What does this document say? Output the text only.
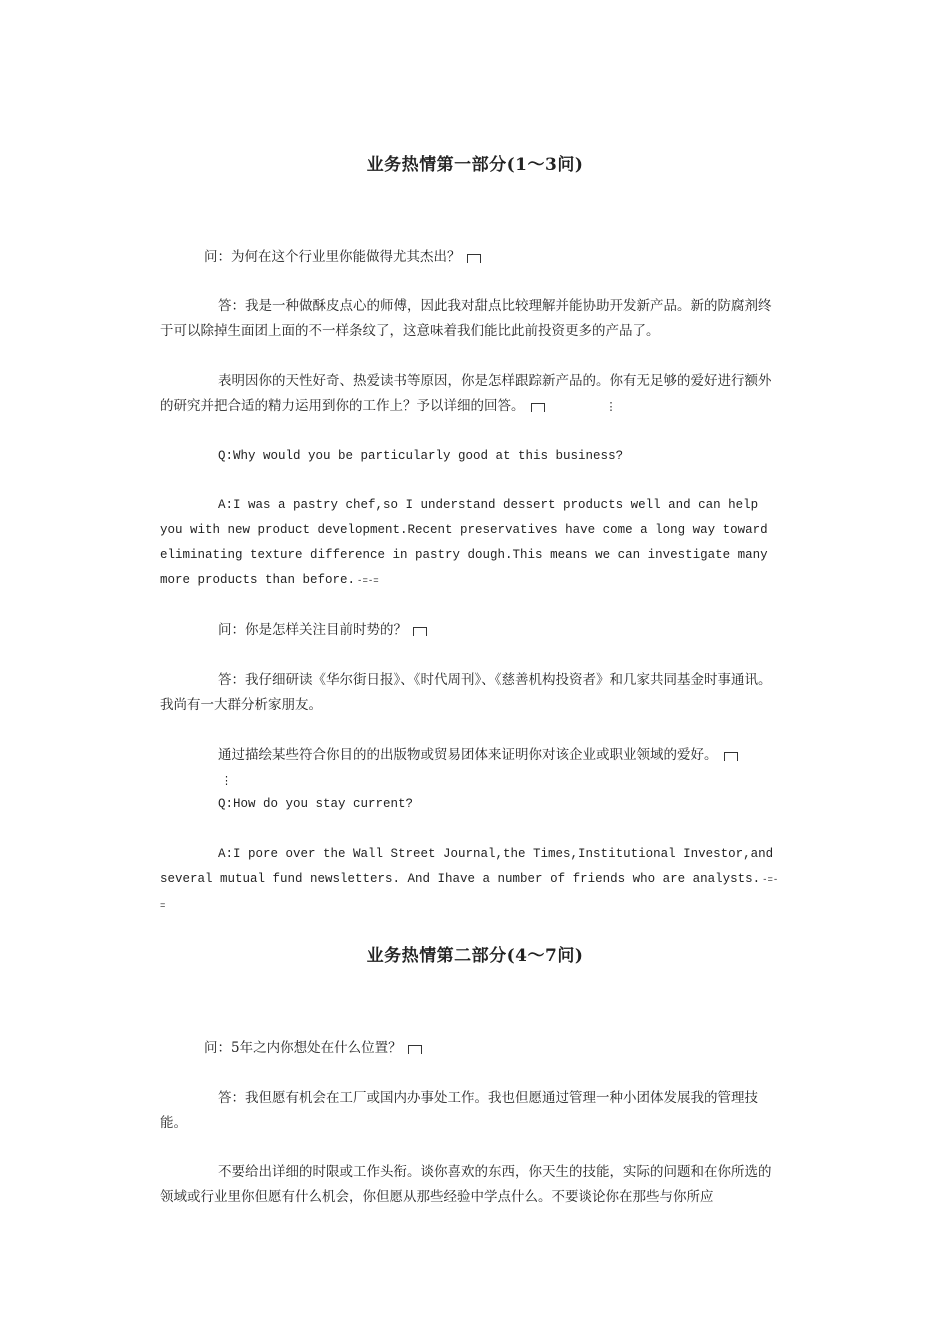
业务热情第一部分(1～3问)

问：为何在这个行业里你能做得尤其杰出？

答：我是一种做酥皮点心的师傅，因此我对甜点比较理解并能协助开发新产品。新的防腐剂终于可以除掉生面团上面的不一样条纹了，这意味着我们能比此前投资更多的产品了。

表明因你的天性好奇、热爱读书等原因，你是怎样跟踪新产品的。你有无足够的爱好进行额外的研究并把合适的精力运用到你的工作上？予以详细的回答。	⋮

Q:Why would you be particularly good at this business?

A:I was a pastry chef,so I understand dessert products well and can help you with new product development.Recent preservatives have come a long way toward eliminating texture difference in pastry dough.This means we can investigate many more products than before. -=-=

问：你是怎样关注目前时势的？

答：我仔细研读《华尔街日报》、《时代周刊》、《慈善机构投资者》和几家共同基金时事通讯。我尚有一大群分析家朋友。

通过描绘某些符合你目的的出版物或贸易团体来证明你对该企业或职业领域的爱好。⋮

Q:How do you stay current?

A:I pore over the Wall Street Journal,the Times,Institutional Investor,and several mutual fund newsletters. And Ihave a number of friends who are analysts. -=-=

业务热情第二部分(4～7问)

问：5年之内你想处在什么位置？

答：我但愿有机会在工厂或国内办事处工作。我也但愿通过管理一种小团体发展我的管理技能。

不要给出详细的时限或工作头衔。谈你喜欢的东西，你天生的技能，实际的问题和在你所选的领域或行业里你但愿有什么机会，你但愿从那些经验中学点什么。不要谈论你在那些与你所应
